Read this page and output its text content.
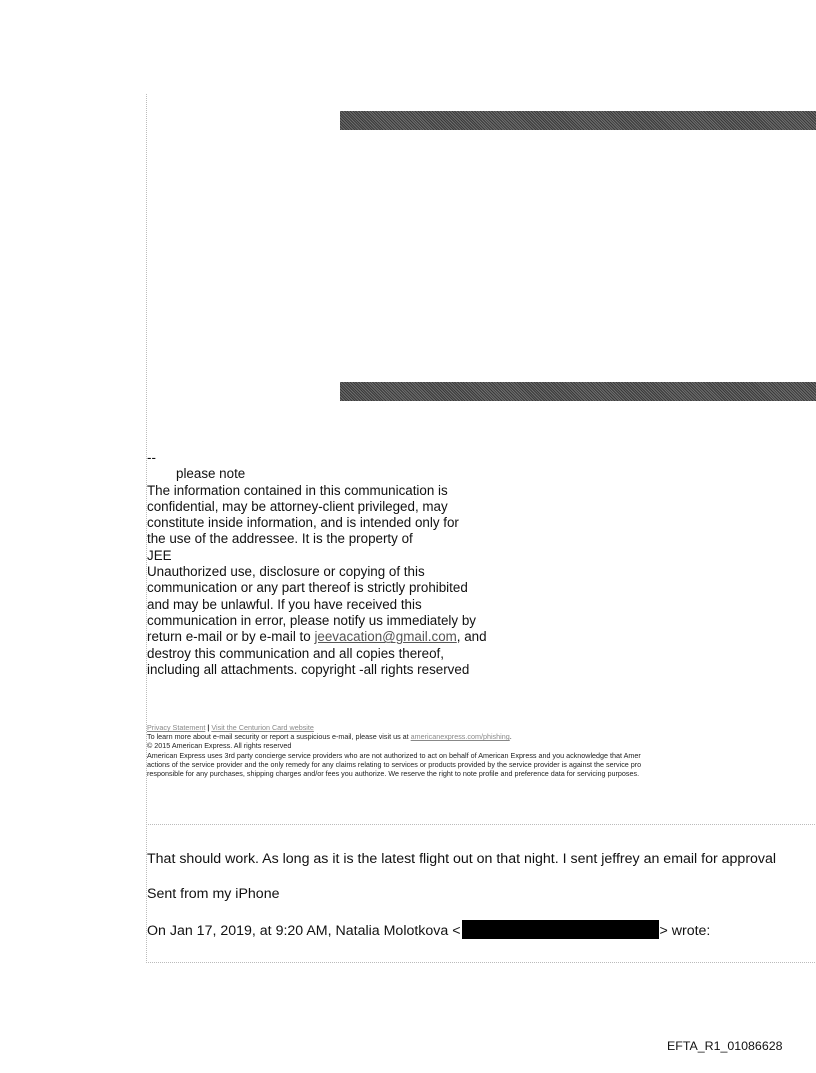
--
please note
The information contained in this communication is
confidential, may be attorney-client privileged, may
constitute inside information, and is intended only for
the use of the addressee. It is the property of
JEE
Unauthorized use, disclosure or copying of this
communication or any part thereof is strictly prohibited
and may be unlawful. If you have received this
communication in error, please notify us immediately by
return e-mail or by e-mail to jeevacation@gmail.com, and
destroy this communication and all copies thereof,
including all attachments. copyright -all rights reserved
Privacy Statement | Visit the Centurion Card website
To learn more about e-mail security or report a suspicious e-mail, please visit us at americanexpress.com/phishing.
© 2015 American Express. All rights reserved
American Express uses 3rd party concierge service providers who are not authorized to act on behalf of American Express and you acknowledge that Amer
actions of the service provider and the only remedy for any claims relating to services or products provided by the service provider is against the service pro
responsible for any purchases, shipping charges and/or fees you authorize. We reserve the right to note profile and preference data for servicing purposes.
That should work. As long as it is the latest flight out on that night. I sent jeffrey an email for approval
Sent from my iPhone
On Jan 17, 2019, at 9:20 AM, Natalia Molotkova <	> wrote:
EFTA_R1_01086628
